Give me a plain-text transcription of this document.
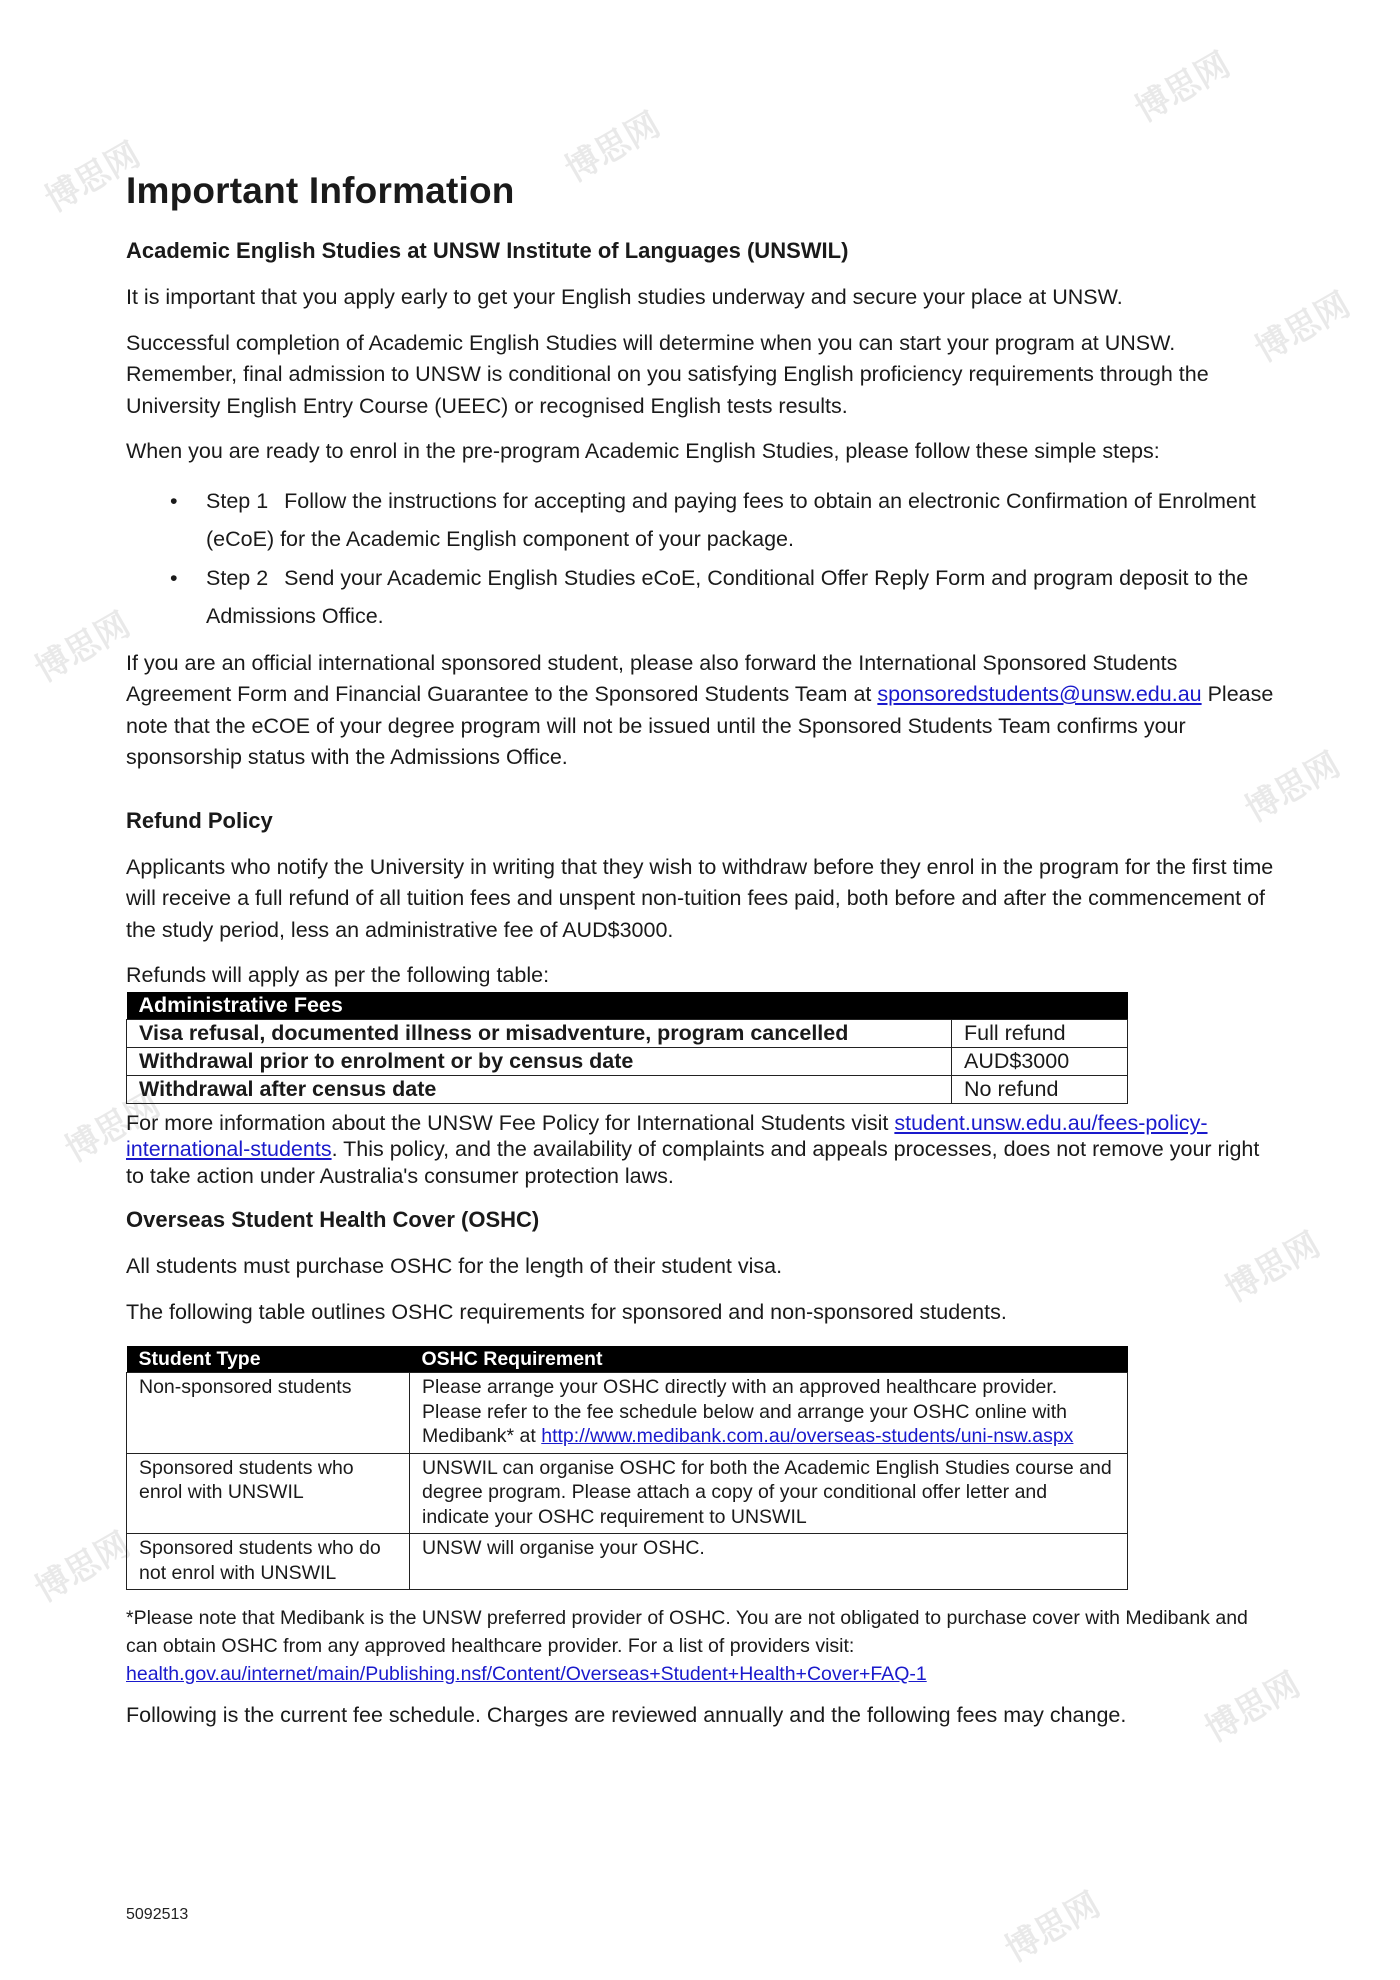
博思网	博思网
博思网
博思网
博思网
博思网
博思网
博思网
博思网
博思网
博思网
Important Information
Academic English Studies at UNSW Institute of Languages (UNSWIL)

It is important that you apply early to get your English studies underway and secure your place at UNSW.

Successful completion of Academic English Studies will determine when you can start your program at UNSW. Remember, final admission to UNSW is conditional on you satisfying English proficiency requirements through the University English Entry Course (UEEC) or recognised English tests results.

When you are ready to enrol in the pre-program Academic English Studies, please follow these simple steps:

• Step 1 Follow the instructions for accepting and paying fees to obtain an electronic Confirmation of Enrolment (eCoE) for the Academic English component of your package.
• Step 2 Send your Academic English Studies eCoE, Conditional Offer Reply Form and program deposit to the Admissions Office.

If you are an official international sponsored student, please also forward the International Sponsored Students Agreement Form and Financial Guarantee to the Sponsored Students Team at sponsoredstudents@unsw.edu.au Please note that the eCOE of your degree program will not be issued until the Sponsored Students Team confirms your sponsorship status with the Admissions Office.

Refund Policy

Applicants who notify the University in writing that they wish to withdraw before they enrol in the program for the first time will receive a full refund of all tuition fees and unspent non-tuition fees paid, both before and after the commencement of the study period, less an administrative fee of AUD$3000.

Refunds will apply as per the following table:

Administrative Fees	
Visa refusal, documented illness or misadventure, program cancelled	Full refund
Withdrawal prior to enrolment or by census date	AUD$3000
Withdrawal after census date	No refund

For more information about the UNSW Fee Policy for International Students visit student.unsw.edu.au/fees-policy-international-students. This policy, and the availability of complaints and appeals processes, does not remove your right to take action under Australia's consumer protection laws.

Overseas Student Health Cover (OSHC)

All students must purchase OSHC for the length of their student visa.

The following table outlines OSHC requirements for sponsored and non-sponsored students.

Student Type	OSHC Requirement
Non-sponsored students	Please arrange your OSHC directly with an approved healthcare provider. Please refer to the fee schedule below and arrange your OSHC online with Medibank* at http://www.medibank.com.au/overseas-students/uni-nsw.aspx
Sponsored students who enrol with UNSWIL	UNSWIL can organise OSHC for both the Academic English Studies course and degree program. Please attach a copy of your conditional offer letter and indicate your OSHC requirement to UNSWIL
Sponsored students who do not enrol with UNSWIL	UNSW will organise your OSHC.

*Please note that Medibank is the UNSW preferred provider of OSHC. You are not obligated to purchase cover with Medibank and can obtain OSHC from any approved healthcare provider. For a list of providers visit: health.gov.au/internet/main/Publishing.nsf/Content/Overseas+Student+Health+Cover+FAQ-1

Following is the current fee schedule. Charges are reviewed annually and the following fees may change.

5092513
